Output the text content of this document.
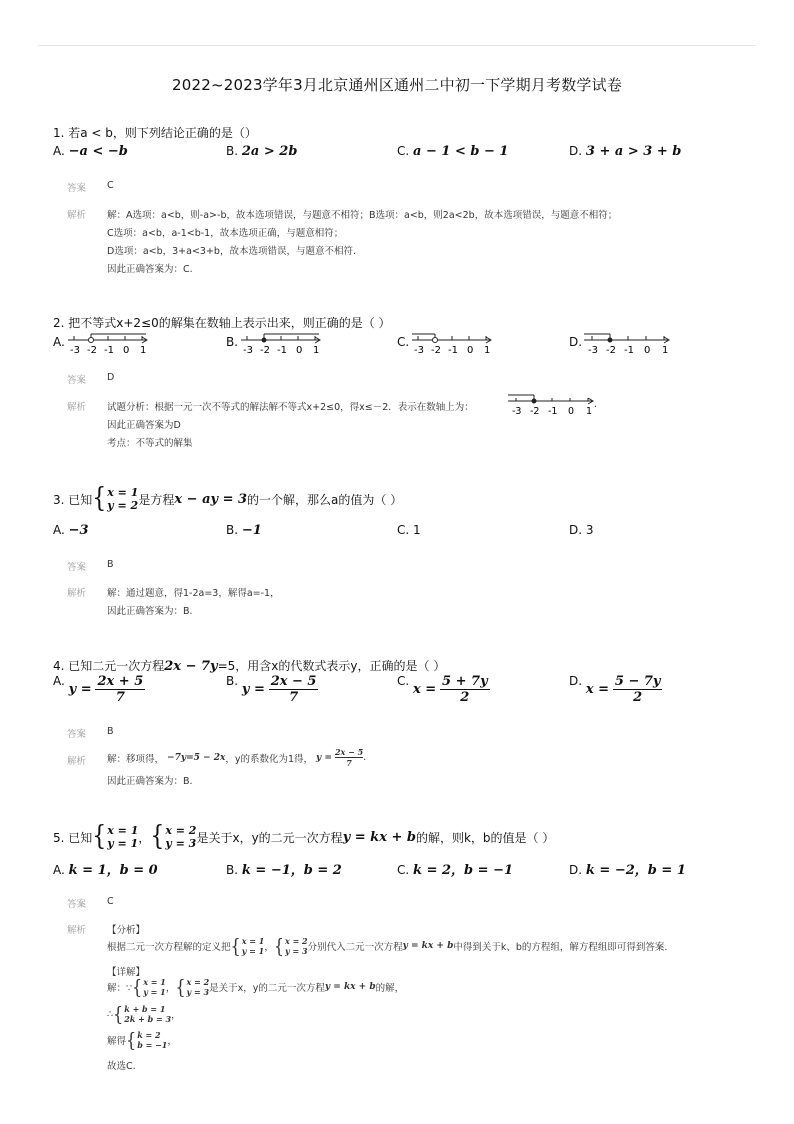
2022~2023学年3月北京通州区通州二中初一下学期月考数学试卷
1. 若a < b，则下列结论正确的是（）
A. −a < −b	B. 2a > 2b	C. a − 1 < b − 1	D. 3 + a > 3 + b
答案 C
解析 解：A选项：a<b，则-a>-b，故本选项错误，与题意不相符；B选项：a<b，则2a<2b，故本选项错误，与题意不相符；
C选项：a<b，a-1<b-1，故本选项正确，与题意相符；
D选项：a<b，3+a<3+b，故本选项错误，与题意不相符.
因此正确答案为：C.
2. 把不等式x+2≤0的解集在数轴上表示出来，则正确的是（ ）
A.
-3 -2 -1 0 1
B.
-3 -2 -1 0 1
C.
-3 -2 -1 0 1
D.
-3 -2 -1 0 1
答案 D
解析 试题分析：根据一元一次不等式的解法解不等式x+2≤0，得x≤－2．表示在数轴上为：	-3 -2 -1 0 1
.
因此正确答案为D
考点：不等式的解集
3. 已知 { x = 1
y = 2 是方程 x − ay = 3 的一个解，那么a的值为（ ）
A. −3	B. −1	C. 1	D. 3
答案 B
解析 解：通过题意，得1-2a=3，解得a=-1，
因此正确答案为：B.
4. 已知二元一次方程2x − 7y=5，用含x的代数式表示y，正确的是（ ）
A.

y =
$\frac{2x + 5}{7}$	B.

y =
$\frac{2x - 5}{7}$	C.

x =
$\frac{5 + 7y}{2}$	D.

x =
$\frac{5 - 7y}{2}$
答案 B
解析 解：移项得，
−7y=5 − 2x ，y的系数化为1得，
y =
$\frac{2x - 5}{7}$ .
因此正确答案为：B.
5. 已知 { x = 1
y = 1 ， { x = 2
y = 3 是关于x，y的二元一次方程 y = kx + b 的解，则k，b的值是（ ）
A. k = 1，b = 0	B. k = −1，b = 2	C. k = 2，b = −1	D. k = −2，b = 1
答案 C
解析 【分析】
根据二元一次方程解的定义把 { x = 1
y = 1 ， { x = 2
y = 3 分别代入二元一次方程 y = kx + b 中得到关于k、b的方程组，解方程组即可得到答案.
【详解】
解：∵ { x = 1
y = 1 ， { x = 2
y = 3 是关于x，y的二元一次方程 y = kx + b 的解，
∴ { k + b = 1
2k + b = 3 ，
解得 { k = 2
b = −1 ，
故选C.
